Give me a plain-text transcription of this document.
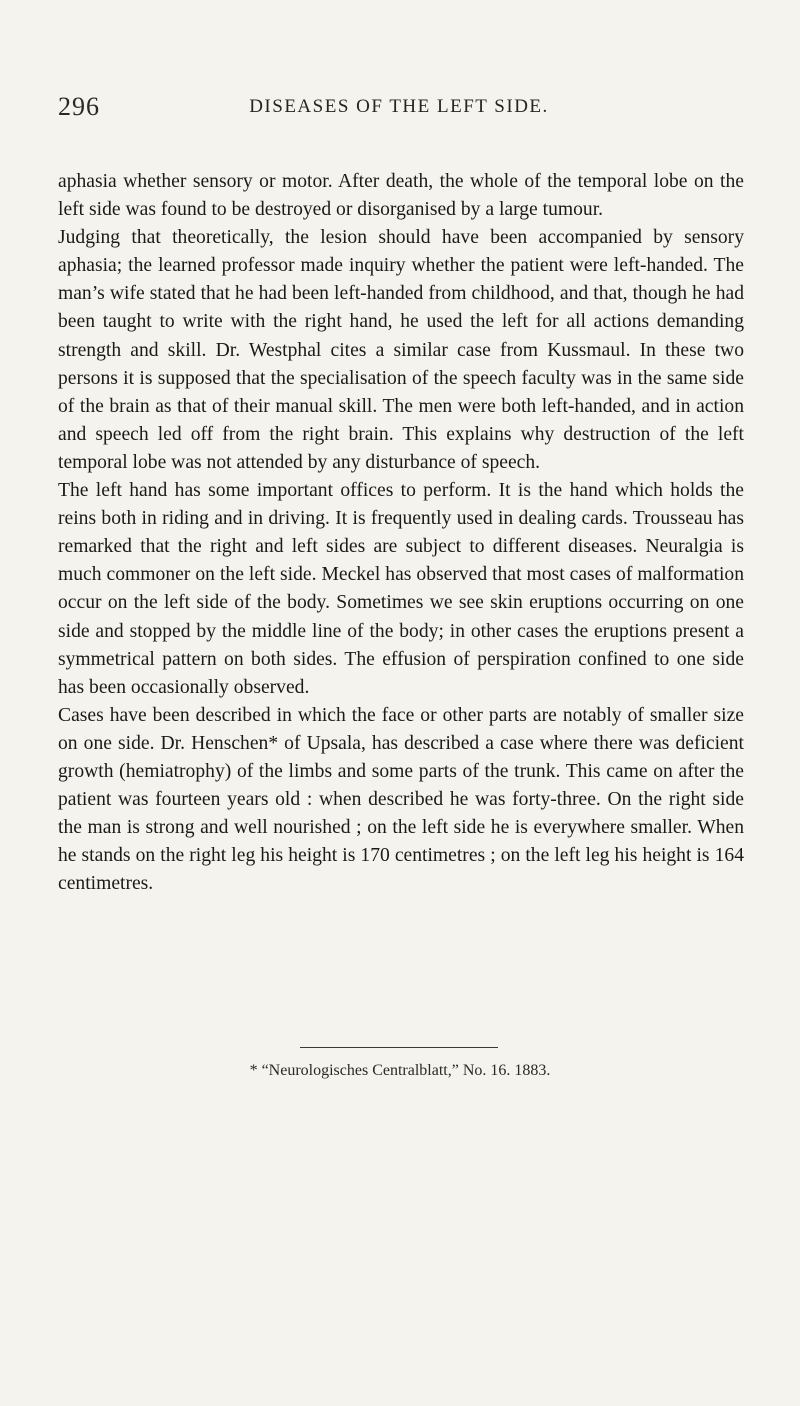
296	DISEASES OF THE LEFT SIDE.

aphasia whether sensory or motor. After death, the whole of the temporal lobe on the left side was found to be destroyed or disorganised by a large tumour.

Judging that theoretically, the lesion should have been accompanied by sensory aphasia; the learned professor made inquiry whether the patient were left-handed. The man’s wife stated that he had been left-handed from childhood, and that, though he had been taught to write with the right hand, he used the left for all actions demanding strength and skill. Dr. Westphal cites a similar case from Kussmaul. In these two persons it is supposed that the specialisation of the speech faculty was in the same side of the brain as that of their manual skill. The men were both left-handed, and in action and speech led off from the right brain. This explains why destruction of the left temporal lobe was not attended by any disturbance of speech.

The left hand has some important offices to perform. It is the hand which holds the reins both in riding and in driving. It is frequently used in dealing cards. Trousseau has remarked that the right and left sides are subject to different diseases. Neuralgia is much commoner on the left side. Meckel has observed that most cases of malformation occur on the left side of the body. Sometimes we see skin eruptions occurring on one side and stopped by the middle line of the body; in other cases the eruptions present a symmetrical pattern on both sides. The effusion of perspiration confined to one side has been occasionally observed.

Cases have been described in which the face or other parts are notably of smaller size on one side. Dr. Henschen* of Upsala, has described a case where there was deficient growth (hemiatrophy) of the limbs and some parts of the trunk. This came on after the patient was fourteen years old : when described he was forty-three. On the right side the man is strong and well nourished ; on the left side he is everywhere smaller. When he stands on the right leg his height is 170 centimetres ; on the left leg his height is 164 centimetres.

* “Neurologisches Centralblatt,” No. 16. 1883.
